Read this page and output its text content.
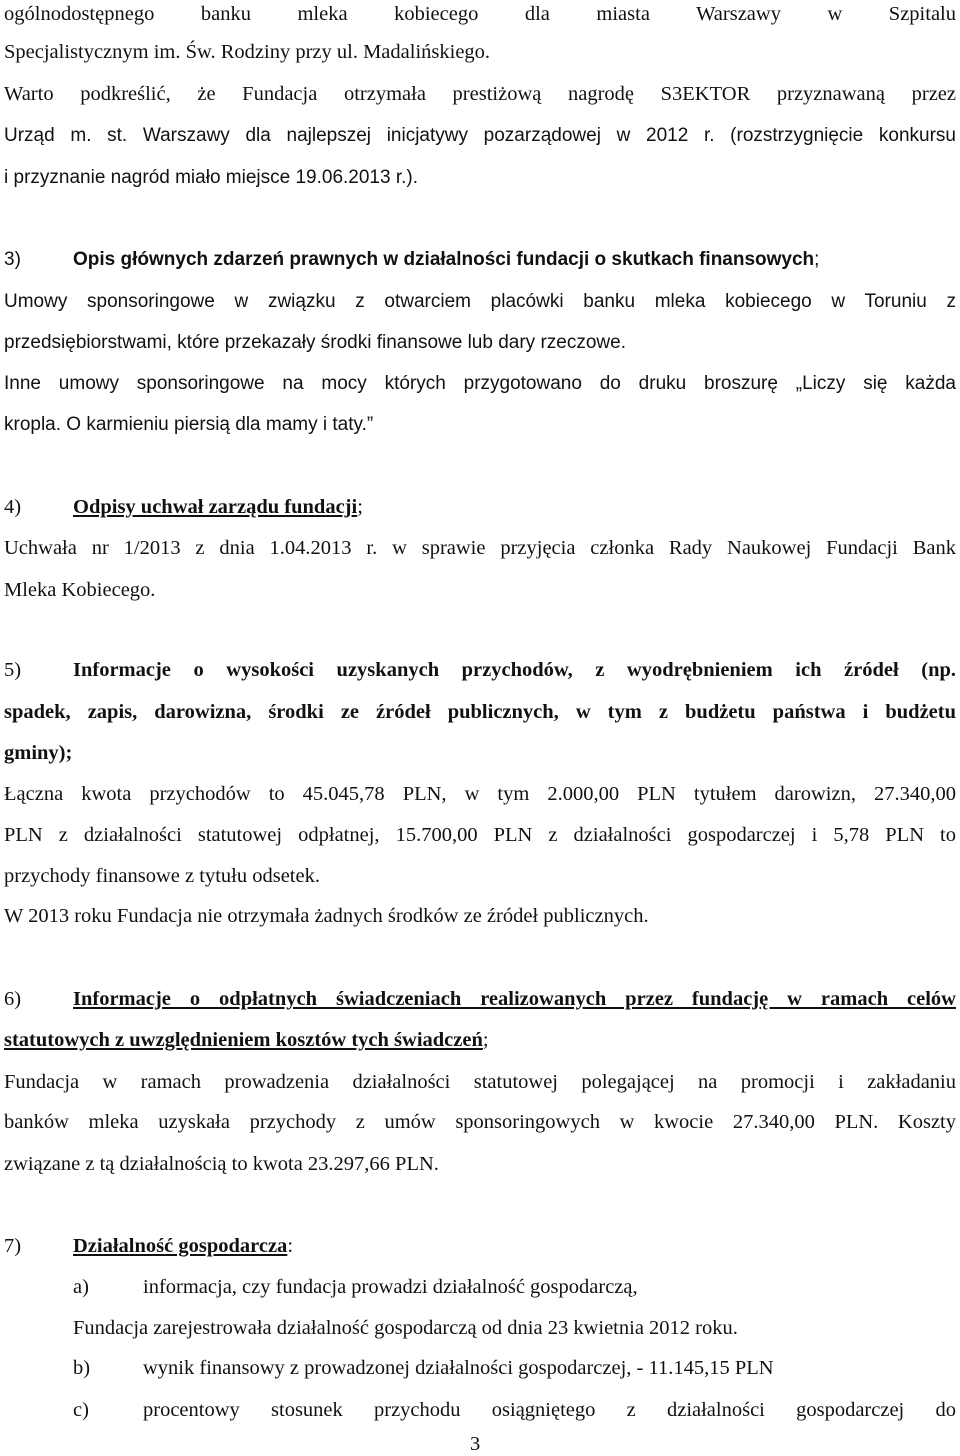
ogólnodostępnego banku mleka kobiecego dla miasta Warszawy w Szpitalu
Specjalistycznym im. Św. Rodziny przy ul. Madalińskiego.
Warto podkreślić, że Fundacja otrzymała prestiżową nagrodę S3EKTOR przyznawaną przez
Urząd m. st. Warszawy dla najlepszej inicjatywy pozarządowej w 2012 r. (rozstrzygnięcie konkursu
i przyznanie nagród miało miejsce 19.06.2013 r.).
3)	Opis głównych zdarzeń prawnych w działalności fundacji o skutkach finansowych;
Umowy sponsoringowe w związku z otwarciem placówki banku mleka kobiecego w Toruniu z
przedsiębiorstwami, które przekazały środki finansowe lub dary rzeczowe.
Inne umowy sponsoringowe na mocy których przygotowano do druku broszurę „Liczy się każda
kropla. O karmieniu piersią dla mamy i taty.”
4)	Odpisy uchwał zarządu fundacji;
Uchwała nr 1/2013 z dnia 1.04.2013 r. w sprawie przyjęcia członka Rady Naukowej Fundacji Bank
Mleka Kobiecego.
5)	Informacje o wysokości uzyskanych przychodów, z wyodrębnieniem ich źródeł (np.
spadek, zapis, darowizna, środki ze źródeł publicznych, w tym z budżetu państwa i budżetu
gminy);
Łączna kwota przychodów to 45.045,78 PLN, w tym 2.000,00 PLN tytułem darowizn, 27.340,00
PLN z działalności statutowej odpłatnej, 15.700,00 PLN z działalności gospodarczej i 5,78 PLN to
przychody finansowe z tytułu odsetek.
W 2013 roku Fundacja nie otrzymała żadnych środków ze źródeł publicznych.
6)	Informacje o odpłatnych świadczeniach realizowanych przez fundację w ramach celów
statutowych z uwzględnieniem kosztów tych świadczeń;
Fundacja w ramach prowadzenia działalności statutowej polegającej na promocji i zakładaniu
banków mleka uzyskała przychody z umów sponsoringowych w kwocie 27.340,00 PLN. Koszty
związane z tą działalnością to kwota 23.297,66 PLN.
7)	Działalność gospodarcza:
a)	informacja, czy fundacja prowadzi działalność gospodarczą,
Fundacja zarejestrowała działalność gospodarczą od dnia 23 kwietnia 2012 roku.
b)	wynik finansowy z prowadzonej działalności gospodarczej, - 11.145,15 PLN
c)	procentowy stosunek przychodu osiągniętego z działalności gospodarczej do
3
